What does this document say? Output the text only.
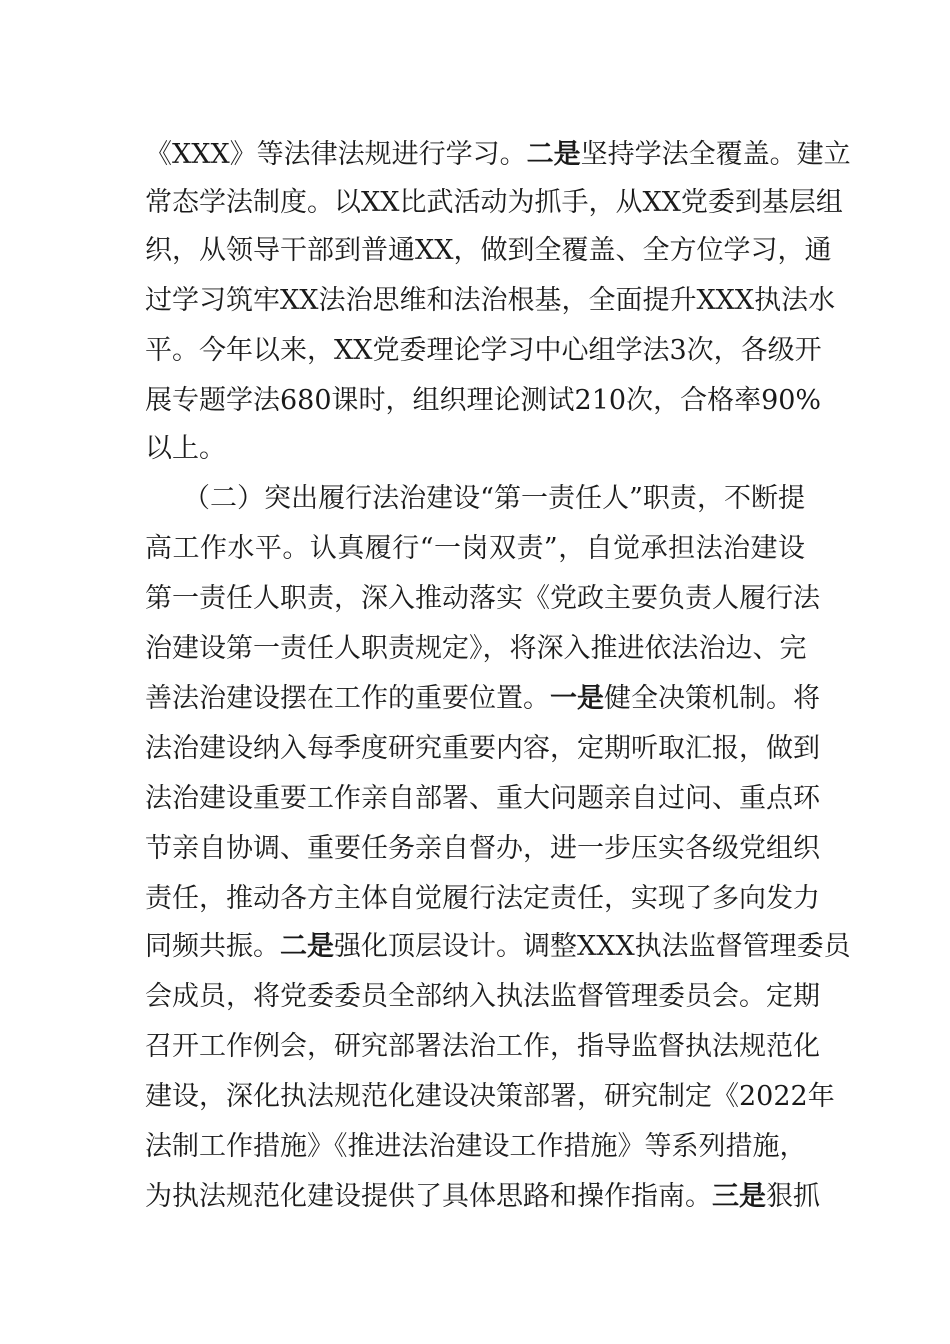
《XXX》等法律法规进行学习。二是坚持学法全覆盖。建立
常态学法制度。以XX比武活动为抓手，从XX党委到基层组
织，从领导干部到普通XX，做到全覆盖、全方位学习，通
过学习筑牢XX法治思维和法治根基，全面提升XXX执法水
平。今年以来，XX党委理论学习中心组学法3次，各级开
展专题学法680课时，组织理论测试210次，合格率90%
以上。
（二）突出履行法治建设“第一责任人”职责，不断提
高工作水平。认真履行“一岗双责”，自觉承担法治建设
第一责任人职责，深入推动落实《党政主要负责人履行法
治建设第一责任人职责规定》，将深入推进依法治边、完
善法治建设摆在工作的重要位置。一是健全决策机制。将
法治建设纳入每季度研究重要内容，定期听取汇报，做到
法治建设重要工作亲自部署、重大问题亲自过问、重点环
节亲自协调、重要任务亲自督办，进一步压实各级党组织
责任，推动各方主体自觉履行法定责任，实现了多向发力
同频共振。二是强化顶层设计。调整XXX执法监督管理委员
会成员，将党委委员全部纳入执法监督管理委员会。定期
召开工作例会，研究部署法治工作，指导监督执法规范化
建设，深化执法规范化建设决策部署，研究制定《2022年
法制工作措施》《推进法治建设工作措施》等系列措施，
为执法规范化建设提供了具体思路和操作指南。三是狠抓
